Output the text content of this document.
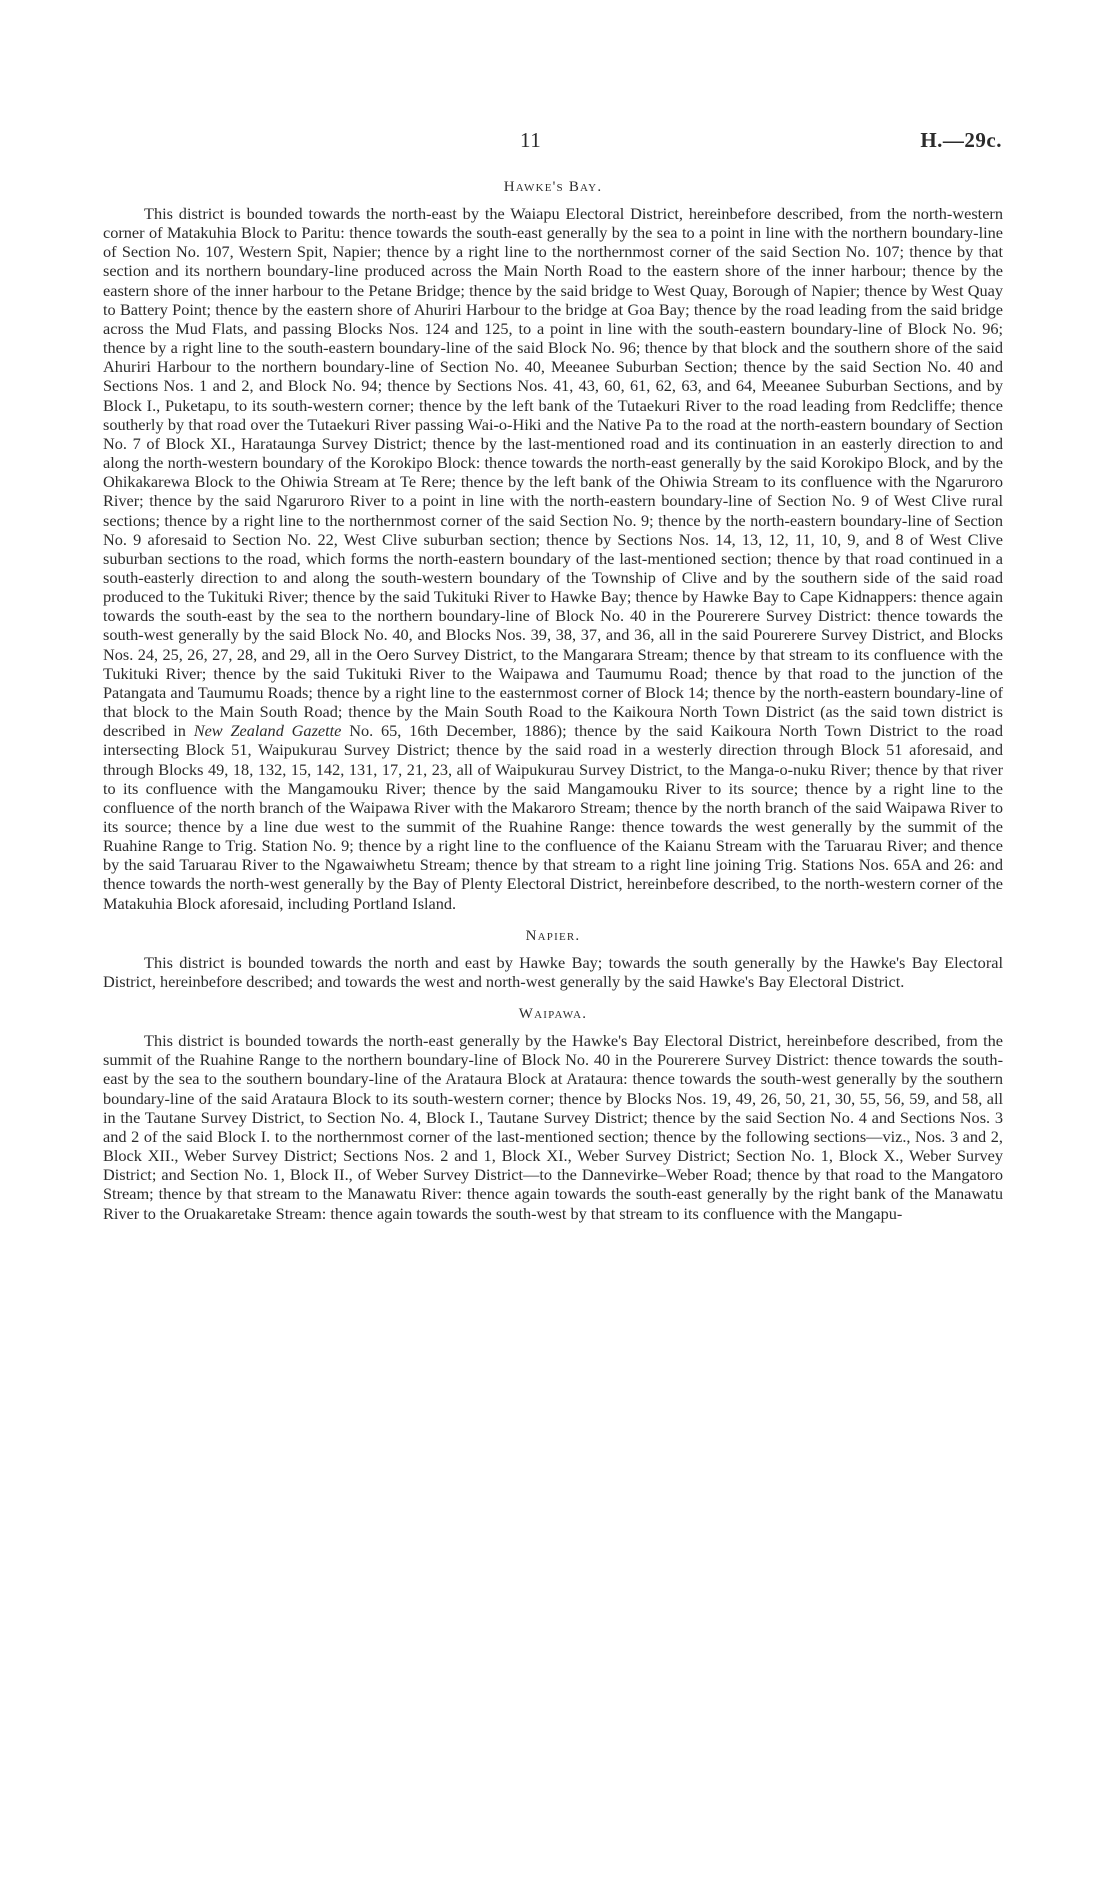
11	H.—29c.
Hawke's Bay.

This district is bounded towards the north-east by the Waiapu Electoral District, hereinbefore described, from the north-western corner of Matakuhia Block to Paritu: thence towards the south-east generally by the sea to a point in line with the northern boundary-line of Section No. 107, Western Spit, Napier; thence by a right line to the northernmost corner of the said Section No. 107; thence by that section and its northern boundary-line produced across the Main North Road to the eastern shore of the inner harbour; thence by the eastern shore of the inner harbour to the Petane Bridge; thence by the said bridge to West Quay, Borough of Napier; thence by West Quay to Battery Point; thence by the eastern shore of Ahuriri Harbour to the bridge at Goa Bay; thence by the road leading from the said bridge across the Mud Flats, and passing Blocks Nos. 124 and 125, to a point in line with the south-eastern boundary-line of Block No. 96; thence by a right line to the south-eastern boundary-line of the said Block No. 96; thence by that block and the southern shore of the said Ahuriri Harbour to the northern boundary-line of Section No. 40, Meeanee Suburban Section; thence by the said Section No. 40 and Sections Nos. 1 and 2, and Block No. 94; thence by Sections Nos. 41, 43, 60, 61, 62, 63, and 64, Meeanee Suburban Sections, and by Block I., Puketapu, to its south-western corner; thence by the left bank of the Tutaekuri River to the road leading from Redcliffe; thence southerly by that road over the Tutaekuri River passing Wai-o-Hiki and the Native Pa to the road at the north-eastern boundary of Section No. 7 of Block XI., Harataunga Survey District; thence by the last-mentioned road and its continuation in an easterly direction to and along the north-western boundary of the Korokipo Block: thence towards the north-east generally by the said Korokipo Block, and by the Ohikakarewa Block to the Ohiwia Stream at Te Rere; thence by the left bank of the Ohiwia Stream to its confluence with the Ngaruroro River; thence by the said Ngaruroro River to a point in line with the north-eastern boundary-line of Section No. 9 of West Clive rural sections; thence by a right line to the northernmost corner of the said Section No. 9; thence by the north-eastern boundary-line of Section No. 9 aforesaid to Section No. 22, West Clive suburban section; thence by Sections Nos. 14, 13, 12, 11, 10, 9, and 8 of West Clive suburban sections to the road, which forms the north-eastern boundary of the last-mentioned section; thence by that road continued in a south-easterly direction to and along the south-western boundary of the Township of Clive and by the southern side of the said road produced to the Tukituki River; thence by the said Tukituki River to Hawke Bay; thence by Hawke Bay to Cape Kidnappers: thence again towards the south-east by the sea to the northern boundary-line of Block No. 40 in the Pourerere Survey District: thence towards the south-west generally by the said Block No. 40, and Blocks Nos. 39, 38, 37, and 36, all in the said Pourerere Survey District, and Blocks Nos. 24, 25, 26, 27, 28, and 29, all in the Oero Survey District, to the Mangarara Stream; thence by that stream to its confluence with the Tukituki River; thence by the said Tukituki River to the Waipawa and Taumumu Road; thence by that road to the junction of the Patangata and Taumumu Roads; thence by a right line to the easternmost corner of Block 14; thence by the north-eastern boundary-line of that block to the Main South Road; thence by the Main South Road to the Kaikoura North Town District (as the said town district is described in New Zealand Gazette No. 65, 16th December, 1886); thence by the said Kaikoura North Town District to the road intersecting Block 51, Waipukurau Survey District; thence by the said road in a westerly direction through Block 51 aforesaid, and through Blocks 49, 18, 132, 15, 142, 131, 17, 21, 23, all of Waipukurau Survey District, to the Manga-o-nuku River; thence by that river to its confluence with the Mangamouku River; thence by the said Mangamouku River to its source; thence by a right line to the confluence of the north branch of the Waipawa River with the Makaroro Stream; thence by the north branch of the said Waipawa River to its source; thence by a line due west to the summit of the Ruahine Range: thence towards the west generally by the summit of the Ruahine Range to Trig. Station No. 9; thence by a right line to the confluence of the Kaianu Stream with the Taruarau River; and thence by the said Taruarau River to the Ngawaiwhetu Stream; thence by that stream to a right line joining Trig. Stations Nos. 65A and 26: and thence towards the north-west generally by the Bay of Plenty Electoral District, hereinbefore described, to the north-western corner of the Matakuhia Block aforesaid, including Portland Island.

Napier.

This district is bounded towards the north and east by Hawke Bay; towards the south generally by the Hawke's Bay Electoral District, hereinbefore described; and towards the west and north-west generally by the said Hawke's Bay Electoral District.

Waipawa.

This district is bounded towards the north-east generally by the Hawke's Bay Electoral District, hereinbefore described, from the summit of the Ruahine Range to the northern boundary-line of Block No. 40 in the Pourerere Survey District: thence towards the south-east by the sea to the southern boundary-line of the Arataura Block at Arataura: thence towards the south-west generally by the southern boundary-line of the said Arataura Block to its south-western corner; thence by Blocks Nos. 19, 49, 26, 50, 21, 30, 55, 56, 59, and 58, all in the Tautane Survey District, to Section No. 4, Block I., Tautane Survey District; thence by the said Section No. 4 and Sections Nos. 3 and 2 of the said Block I. to the northernmost corner of the last-mentioned section; thence by the following sections—viz., Nos. 3 and 2, Block XII., Weber Survey District; Sections Nos. 2 and 1, Block XI., Weber Survey District; Section No. 1, Block X., Weber Survey District; and Section No. 1, Block II., of Weber Survey District—to the Dannevirke–Weber Road; thence by that road to the Mangatoro Stream; thence by that stream to the Manawatu River: thence again towards the south-east generally by the right bank of the Manawatu River to the Oruakaretake Stream: thence again towards the south-west by that stream to its confluence with the Mangapu-
